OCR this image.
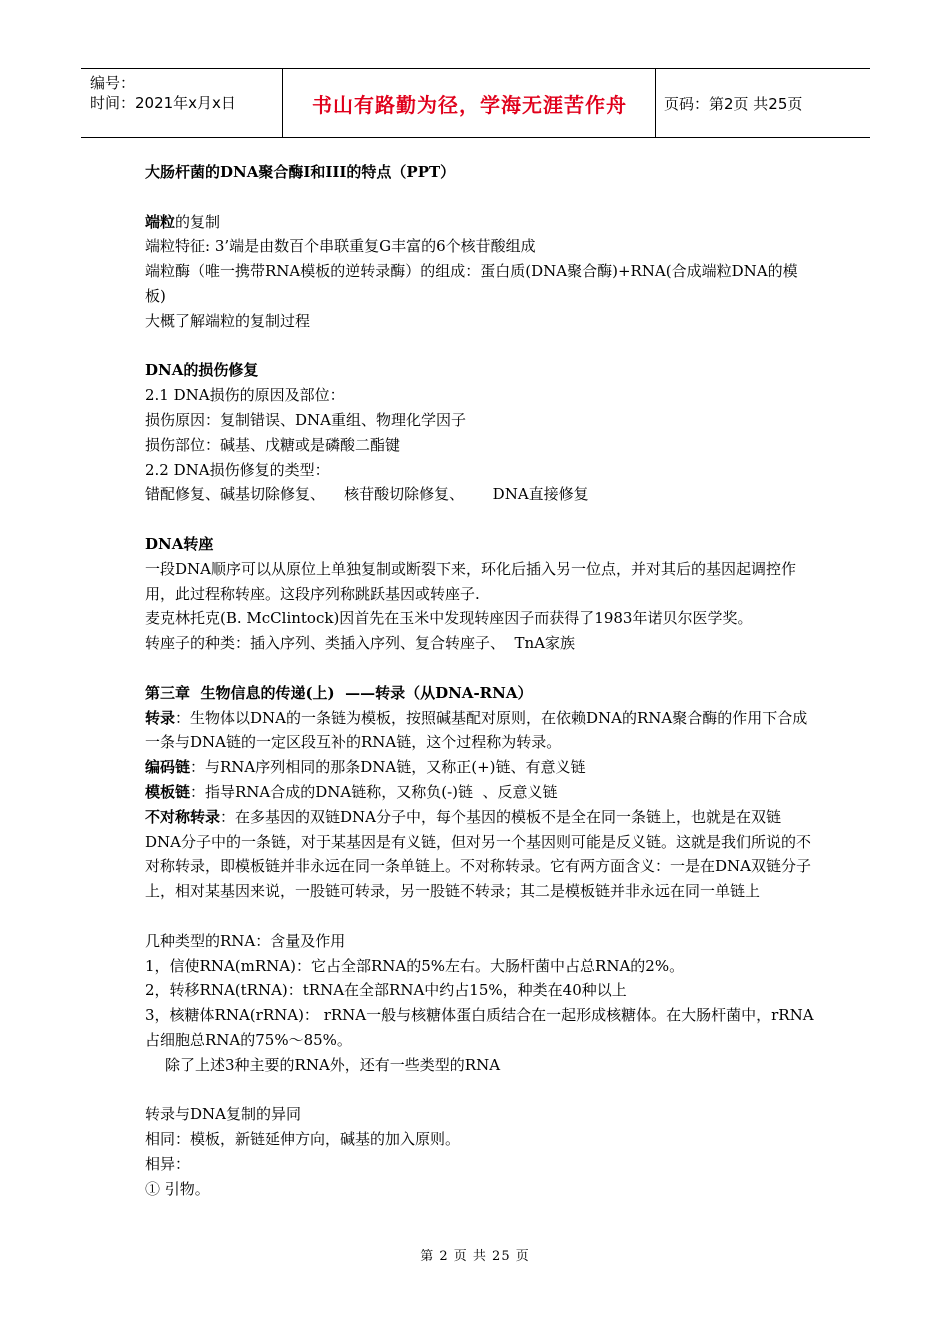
编号：
时间：2021年x月x日	书山有路勤为径，学海无涯苦作舟	页码：第2页 共25页

大肠杆菌的DNA聚合酶I和III的特点（PPT）

端粒的复制

端粒特征: 3’端是由数百个串联重复G丰富的6个核苷酸组成

端粒酶（唯一携带RNA模板的逆转录酶）的组成：蛋白质(DNA聚合酶)+RNA(合成端粒DNA的模板)

大概了解端粒的复制过程

DNA的损伤修复

2.1 DNA损伤的原因及部位：

损伤原因：复制错误、DNA重组、物理化学因子

损伤部位：碱基、戊糖或是磷酸二酯键

2.2 DNA损伤修复的类型：

错配修复、碱基切除修复、    核苷酸切除修复、      DNA直接修复

DNA转座

一段DNA顺序可以从原位上单独复制或断裂下来，环化后插入另一位点，并对其后的基因起调控作用，此过程称转座。这段序列称跳跃基因或转座子.

麦克林托克(B. McClintock)因首先在玉米中发现转座因子而获得了1983年诺贝尔医学奖。

转座子的种类：插入序列、类插入序列、复合转座子、  TnA家族

第三章  生物信息的传递(上)  ——转录（从DNA-RNA）

转录：生物体以DNA的一条链为模板，按照碱基配对原则，在依赖DNA的RNA聚合酶的作用下合成一条与DNA链的一定区段互补的RNA链，这个过程称为转录。

编码链：与RNA序列相同的那条DNA链，又称正(+)链、有意义链

模板链：指导RNA合成的DNA链称，又称负(-)链  、反意义链

不对称转录：在多基因的双链DNA分子中，每个基因的模板不是全在同一条链上，也就是在双链DNA分子中的一条链，对于某基因是有义链，但对另一个基因则可能是反义链。这就是我们所说的不对称转录，即模板链并非永远在同一条单链上。不对称转录。它有两方面含义：一是在DNA双链分子上，相对某基因来说，一股链可转录，另一股链不转录；其二是模板链并非永远在同一单链上

几种类型的RNA：含量及作用

1，信使RNA(mRNA)：它占全部RNA的5%左右。大肠杆菌中占总RNA的2%。

2，转移RNA(tRNA)：tRNA在全部RNA中约占15%，种类在40种以上

3，核糖体RNA(rRNA)： rRNA一般与核糖体蛋白质结合在一起形成核糖体。在大肠杆菌中，rRNA占细胞总RNA的75%～85%。

除了上述3种主要的RNA外，还有一些类型的RNA

转录与DNA复制的异同

相同：模板，新链延伸方向，碱基的加入原则。

相异：

① 引物。

第 2 页 共 25 页
